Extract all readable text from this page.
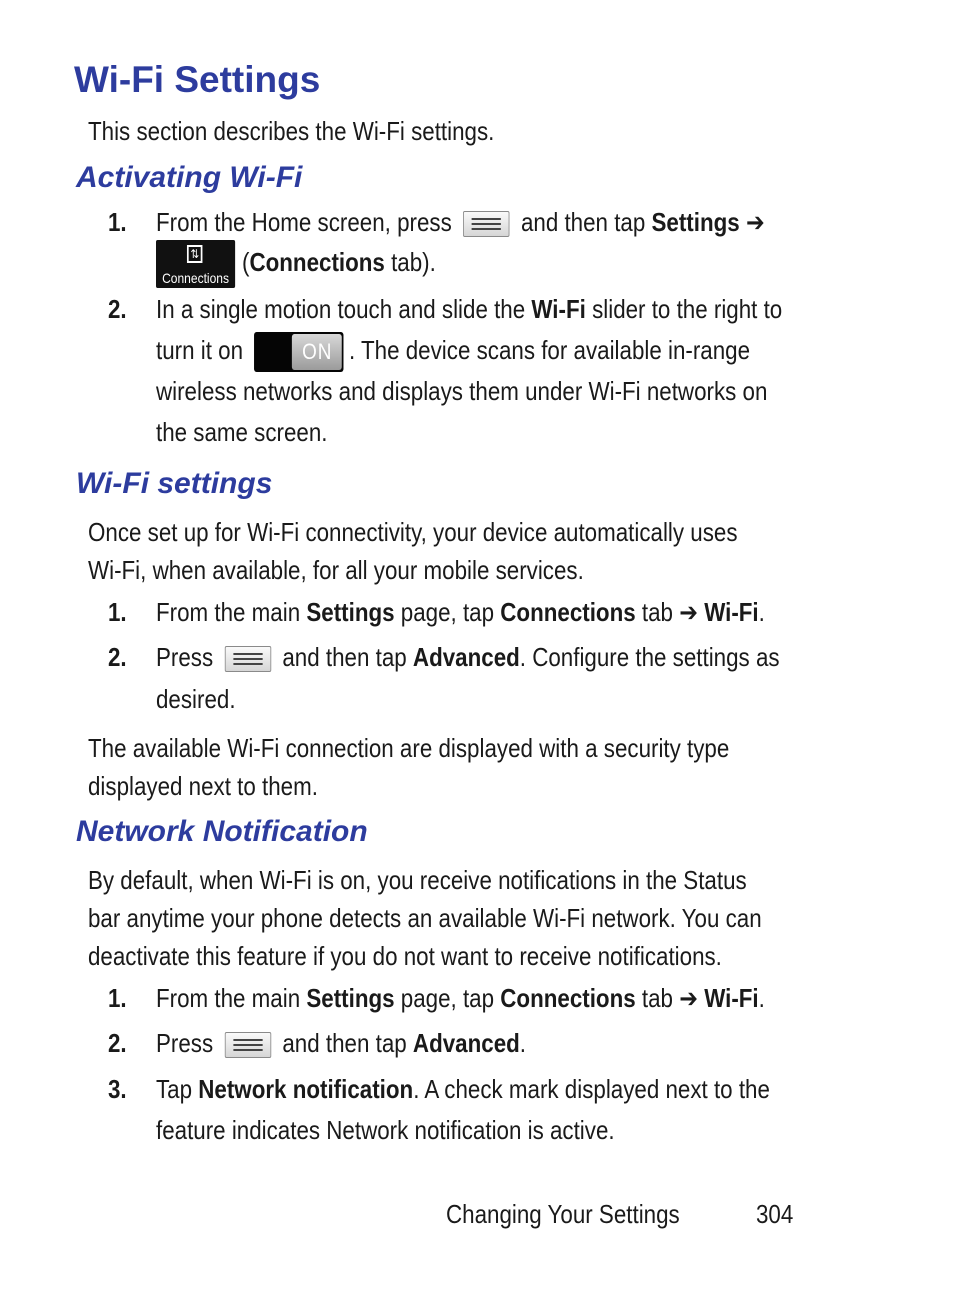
Wi-Fi Settings

This section describes the Wi-Fi settings.

Activating Wi-Fi
1. From the Home screen, press	and then tap Settings ➔
⇅
Connections
(Connections tab).
2. In a single motion touch and slide the Wi-Fi slider to the right to
turn it on	ON . The device scans for available in-range
wireless networks and displays them under Wi-Fi networks on
the same screen.
Wi-Fi settings

Once set up for Wi-Fi connectivity, your device automatically uses

Wi-Fi, when available, for all your mobile services.

1. From the main Settings page, tap Connections tab ➔ Wi-Fi.
2. Press	and then tap Advanced. Configure the settings as
desired.

The available Wi-Fi connection are displayed with a security type

displayed next to them.

Network Notification

By default, when Wi-Fi is on, you receive notifications in the Status

bar anytime your phone detects an available Wi-Fi network. You can

deactivate this feature if you do not want to receive notifications.

1. From the main Settings page, tap Connections tab ➔ Wi-Fi.
2. Press	and then tap Advanced.
3. Tap Network notification. A check mark displayed next to the
feature indicates Network notification is active.
Changing Your Settings	304
